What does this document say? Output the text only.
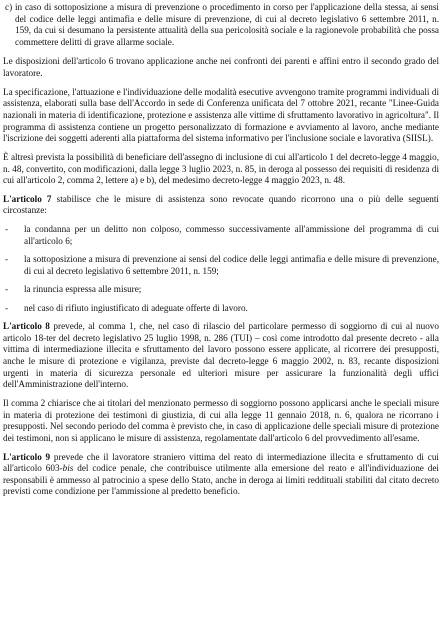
c) in caso di sottoposizione a misura di prevenzione o procedimento in corso per l'applicazione della stessa, ai sensi del codice delle leggi antimafia e delle misure di prevenzione, di cui al decreto legislativo 6 settembre 2011, n. 159, da cui si desumano la persistente attualità della sua pericolosità sociale e la ragionevole probabilità che possa commettere delitti di grave allarme sociale.

Le disposizioni dell'articolo 6 trovano applicazione anche nei confronti dei parenti e affini entro il secondo grado del lavoratore.

La specificazione, l'attuazione e l'individuazione delle modalità esecutive avvengono tramite programmi individuali di assistenza, elaborati sulla base dell'Accordo in sede di Conferenza unificata del 7 ottobre 2021, recante "Linee-Guida nazionali in materia di identificazione, protezione e assistenza alle vittime di sfruttamento lavorativo in agricoltura". Il programma di assistenza contiene un progetto personalizzato di formazione e avviamento al lavoro, anche mediante l'iscrizione dei soggetti aderenti alla piattaforma del sistema informativo per l'inclusione sociale e lavorativa (SIISL).

È altresì prevista la possibilità di beneficiare dell'assegno di inclusione di cui all'articolo 1 del decreto-legge 4 maggio, n. 48, convertito, con modificazioni, dalla legge 3 luglio 2023, n. 85, in deroga al possesso dei requisiti di residenza di cui all'articolo 2, comma 2, lettere a) e b), del medesimo decreto-legge 4 maggio 2023, n. 48.

L'articolo 7 stabilisce che le misure di assistenza sono revocate quando ricorrono una o più delle seguenti circostanze:

-	la condanna per un delitto non colposo, commesso successivamente all'ammissione del programma di cui all'articolo 6;
-	la sottoposizione a misura di prevenzione ai sensi del codice delle leggi antimafia e delle misure di prevenzione, di cui al decreto legislativo 6 settembre 2011, n. 159;
-	la rinuncia espressa alle misure;
-	nel caso di rifiuto ingiustificato di adeguate offerte di lavoro.

L'articolo 8 prevede, al comma 1, che, nel caso di rilascio del particolare permesso di soggiorno di cui al nuovo articolo 18-ter del decreto legislativo 25 luglio 1998, n. 286 (TUI) – così come introdotto dal presente decreto - alla vittima di intermediazione illecita e sfruttamento del lavoro possono essere applicate, al ricorrere dei presupposti, anche le misure di protezione e vigilanza, previste dal decreto-legge 6 maggio 2002, n. 83, recante disposizioni urgenti in materia di sicurezza personale ed ulteriori misure per assicurare la funzionalità degli uffici dell'Amministrazione dell'interno.

Il comma 2 chiarisce che ai titolari del menzionato permesso di soggiorno possono applicarsi anche le speciali misure in materia di protezione dei testimoni di giustizia, di cui alla legge 11 gennaio 2018, n. 6, qualora ne ricorrano i presupposti. Nel secondo periodo del comma è previsto che, in caso di applicazione delle speciali misure di protezione dei testimoni, non si applicano le misure di assistenza, regolamentate dall'articolo 6 del provvedimento all'esame.

L'articolo 9 prevede che il lavoratore straniero vittima del reato di intermediazione illecita e sfruttamento di cui all'articolo 603-bis del codice penale, che contribuisce utilmente alla emersione del reato e all'individuazione dei responsabili è ammesso al patrocinio a spese dello Stato, anche in deroga ai limiti reddituali stabiliti dal citato decreto previsti come condizione per l'ammissione al predetto beneficio.
